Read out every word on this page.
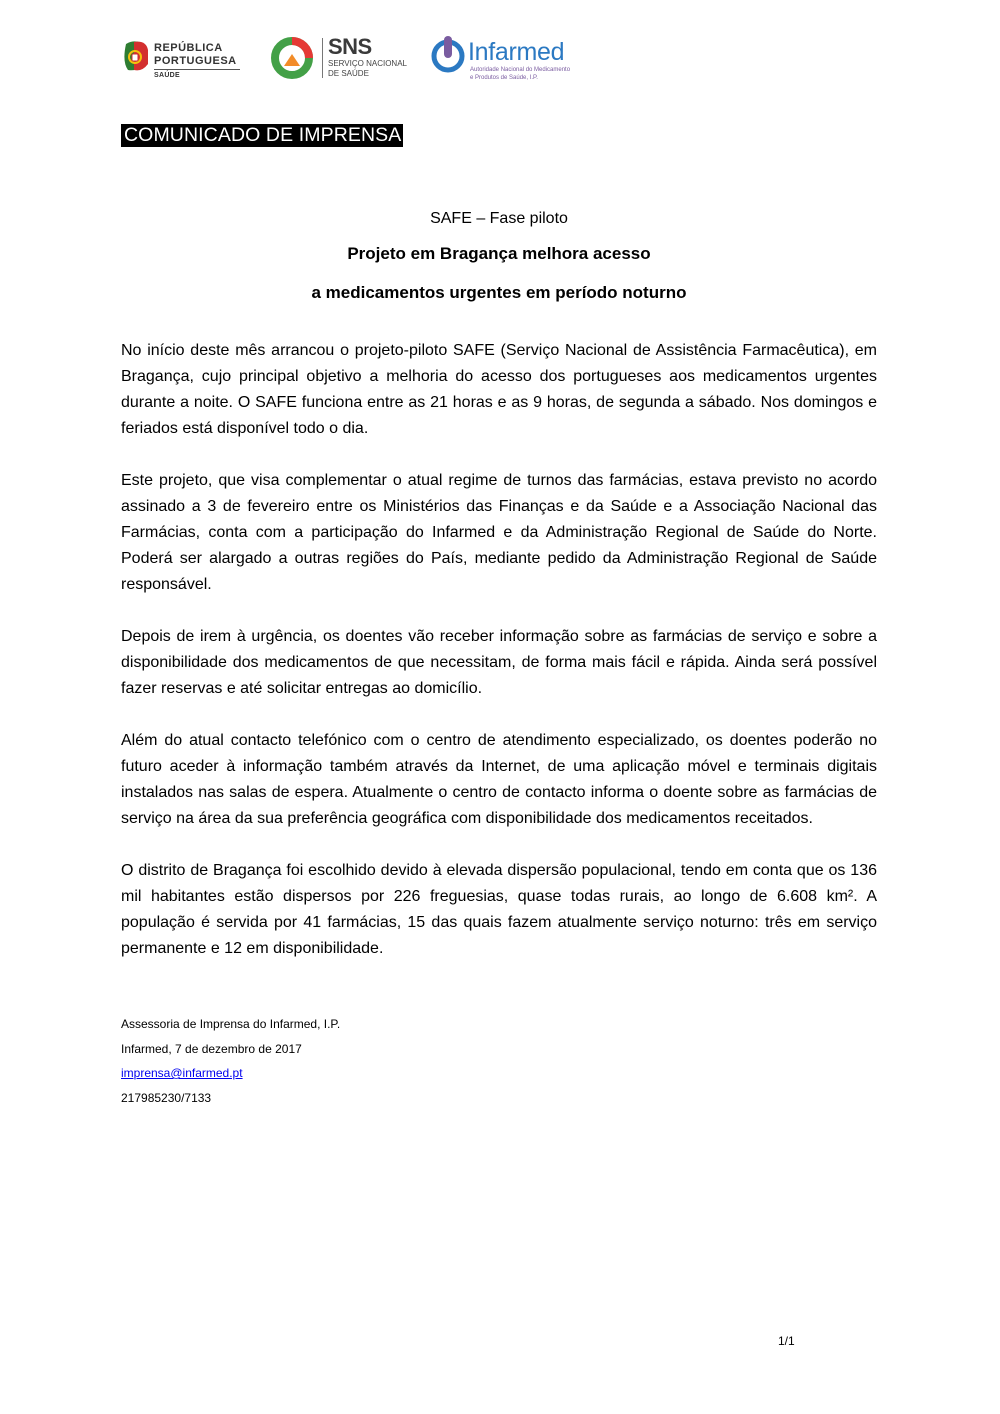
REPÚBLICA
PORTUGUESA
SAÚDE
SNS
SERVIÇO NACIONAL
DE SAÚDE
Infarmed
Autoridade Nacional do Medicamento
e Produtos de Saúde, I.P.
COMUNICADO DE IMPRENSA
SAFE – Fase piloto
Projeto em Bragança melhora acesso
a medicamentos urgentes em período noturno

No início deste mês arrancou o projeto-piloto SAFE (Serviço Nacional de Assistência Farmacêutica), em Bragança, cujo principal objetivo a melhoria do acesso dos portugueses aos medicamentos urgentes durante a noite. O SAFE funciona entre as 21 horas e as 9 horas, de segunda a sábado. Nos domingos e feriados está disponível todo o dia.

Este projeto, que visa complementar o atual regime de turnos das farmácias, estava previsto no acordo assinado a 3 de fevereiro entre os Ministérios das Finanças e da Saúde e a Associação Nacional das Farmácias, conta com a participação do Infarmed e da Administração Regional de Saúde do Norte. Poderá ser alargado a outras regiões do País, mediante pedido da Administração Regional de Saúde responsável.

Depois de irem à urgência, os doentes vão receber informação sobre as farmácias de serviço e sobre a disponibilidade dos medicamentos de que necessitam, de forma mais fácil e rápida. Ainda será possível fazer reservas e até solicitar entregas ao domicílio.

Além do atual contacto telefónico com o centro de atendimento especializado, os doentes poderão no futuro aceder à informação também através da Internet, de uma aplicação móvel e terminais digitais instalados nas salas de espera. Atualmente o centro de contacto informa o doente sobre as farmácias de serviço na área da sua preferência geográfica com disponibilidade dos medicamentos receitados.

O distrito de Bragança foi escolhido devido à elevada dispersão populacional, tendo em conta que os 136 mil habitantes estão dispersos por 226 freguesias, quase todas rurais, ao longo de 6.608 km². A população é servida por 41 farmácias, 15 das quais fazem atualmente serviço noturno: três em serviço permanente e 12 em disponibilidade.

Assessoria de Imprensa do Infarmed, I.P.
Infarmed, 7 de dezembro de 2017
imprensa@infarmed.pt
217985230/7133
1/1
